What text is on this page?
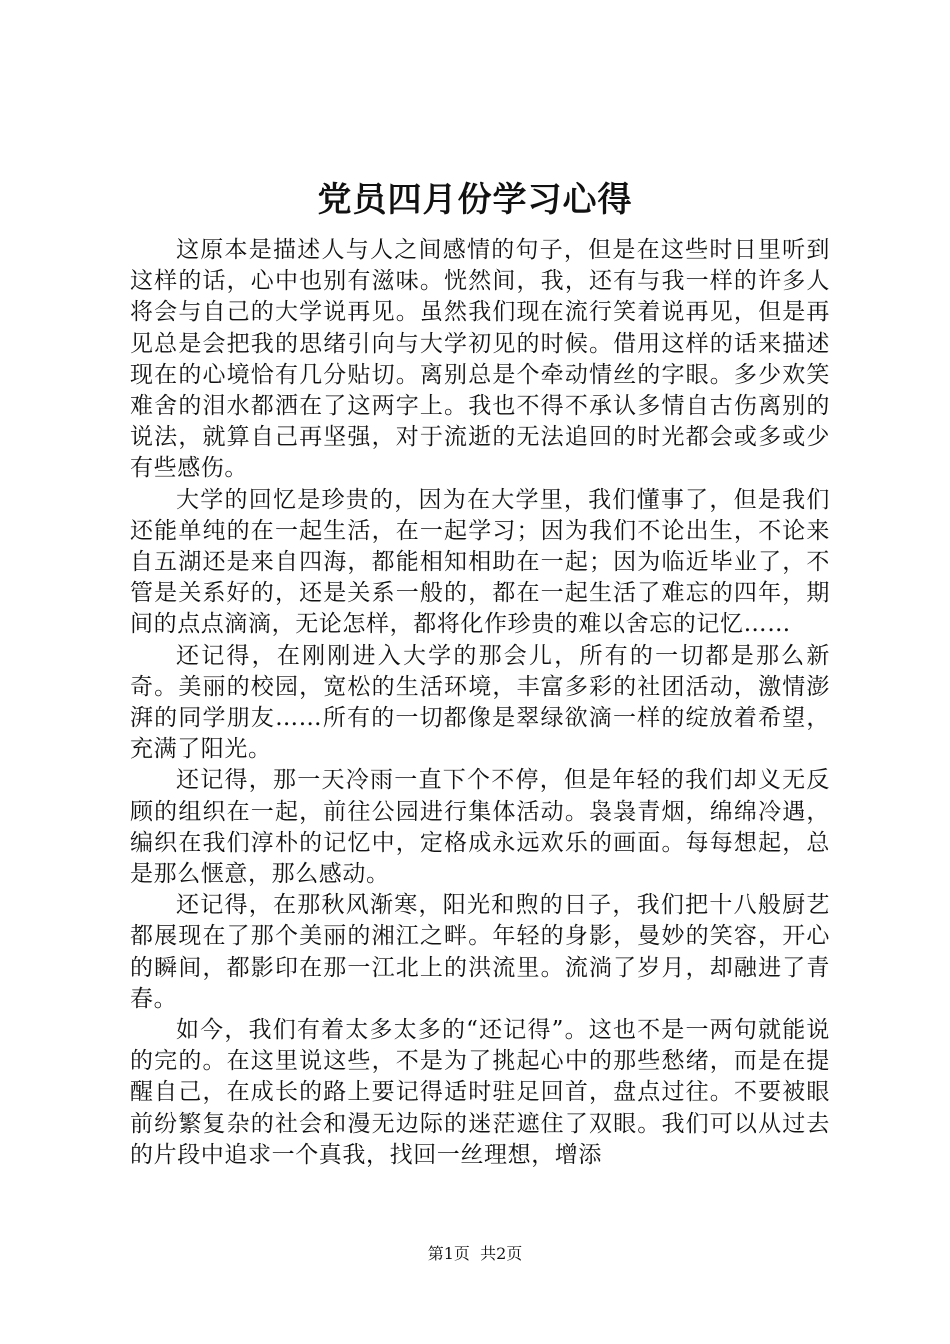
党员四月份学习心得

这原本是描述人与人之间感情的句子，但是在这些时日里听到这样的话，心中也别有滋味。恍然间，我，还有与我一样的许多人将会与自己的大学说再见。虽然我们现在流行笑着说再见，但是再见总是会把我的思绪引向与大学初见的时候。借用这样的话来描述现在的心境恰有几分贴切。离别总是个牵动情丝的字眼。多少欢笑难舍的泪水都洒在了这两字上。我也不得不承认多情自古伤离别的说法，就算自己再坚强，对于流逝的无法追回的时光都会或多或少有些感伤。

大学的回忆是珍贵的，因为在大学里，我们懂事了，但是我们还能单纯的在一起生活，在一起学习；因为我们不论出生，不论来自五湖还是来自四海，都能相知相助在一起；因为临近毕业了，不管是关系好的，还是关系一般的，都在一起生活了难忘的四年，期间的点点滴滴，无论怎样，都将化作珍贵的难以舍忘的记忆……

还记得，在刚刚进入大学的那会儿，所有的一切都是那么新奇。美丽的校园，宽松的生活环境，丰富多彩的社团活动，激情澎湃的同学朋友……所有的一切都像是翠绿欲滴一样的绽放着希望，充满了阳光。

还记得，那一天冷雨一直下个不停，但是年轻的我们却义无反顾的组织在一起，前往公园进行集体活动。袅袅青烟，绵绵冷遇，编织在我们淳朴的记忆中，定格成永远欢乐的画面。每每想起，总是那么惬意，那么感动。

还记得，在那秋风渐寒，阳光和煦的日子，我们把十八般厨艺都展现在了那个美丽的湘江之畔。年轻的身影，曼妙的笑容，开心的瞬间，都影印在那一江北上的洪流里。流淌了岁月，却融进了青春。

如今，我们有着太多太多的“还记得”。这也不是一两句就能说的完的。在这里说这些，不是为了挑起心中的那些愁绪，而是在提醒自己，在成长的路上要记得适时驻足回首，盘点过往。不要被眼前纷繁复杂的社会和漫无边际的迷茫遮住了双眼。我们可以从过去的片段中追求一个真我，找回一丝理想，增添

第1页  共2页
